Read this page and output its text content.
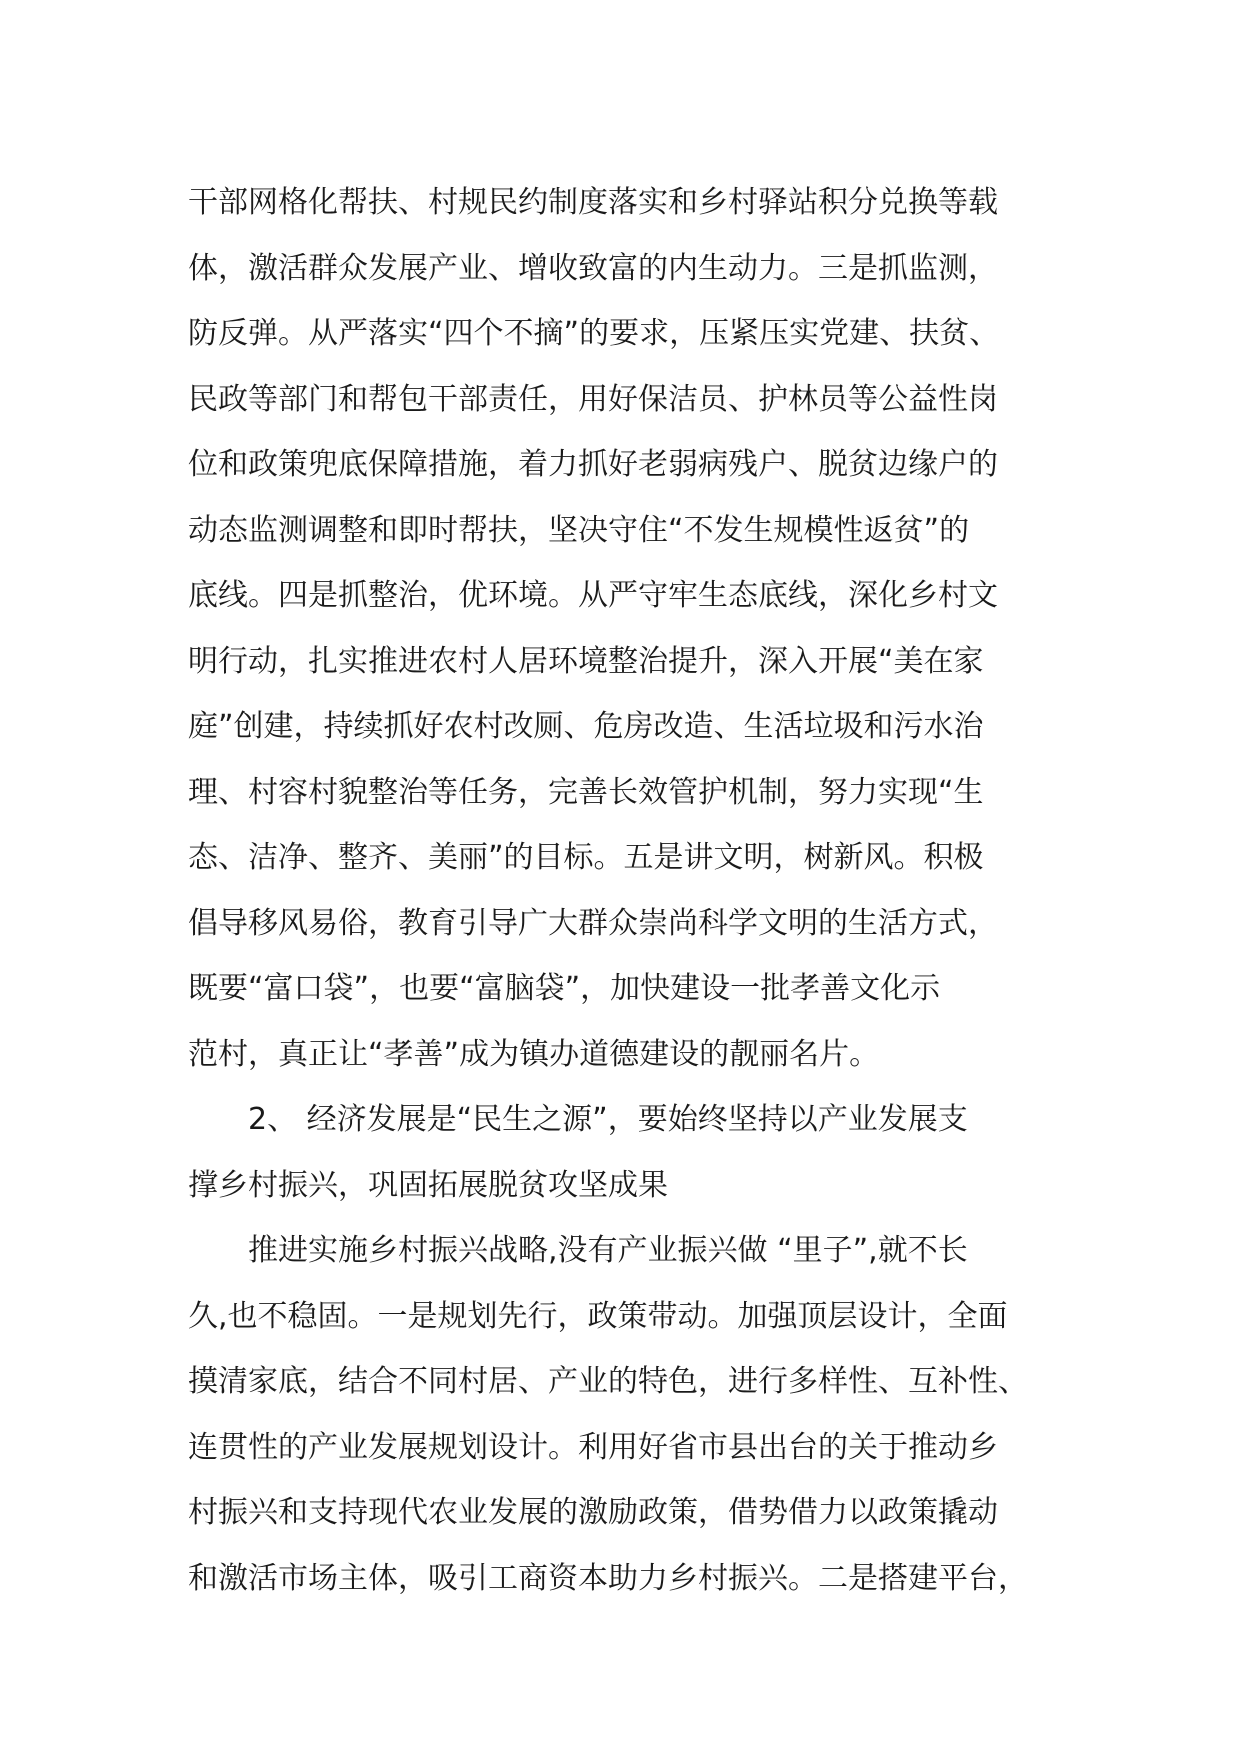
干部网格化帮扶、村规民约制度落实和乡村驿站积分兑换等载
体，激活群众发展产业、增收致富的内生动力。三是抓监测，
防反弹。从严落实“四个不摘”的要求，压紧压实党建、扶贫、
民政等部门和帮包干部责任，用好保洁员、护林员等公益性岗
位和政策兜底保障措施，着力抓好老弱病残户、脱贫边缘户的
动态监测调整和即时帮扶，坚决守住“不发生规模性返贫”的
底线。四是抓整治，优环境。从严守牢生态底线，深化乡村文
明行动，扎实推进农村人居环境整治提升，深入开展“美在家
庭”创建，持续抓好农村改厕、危房改造、生活垃圾和污水治
理、村容村貌整治等任务，完善长效管护机制，努力实现“生
态、洁净、整齐、美丽”的目标。五是讲文明，树新风。积极
倡导移风易俗，教育引导广大群众崇尚科学文明的生活方式，
既要“富口袋”，也要“富脑袋”，加快建设一批孝善文化示
范村，真正让“孝善”成为镇办道德建设的靓丽名片。
2、 经济发展是“民生之源”，要始终坚持以产业发展支
撑乡村振兴，巩固拓展脱贫攻坚成果
推进实施乡村振兴战略,没有产业振兴做 “里子”,就不长
久,也不稳固。一是规划先行，政策带动。加强顶层设计，全面
摸清家底，结合不同村居、产业的特色，进行多样性、互补性、
连贯性的产业发展规划设计。利用好省市县出台的关于推动乡
村振兴和支持现代农业发展的激励政策，借势借力以政策撬动
和激活市场主体，吸引工商资本助力乡村振兴。二是搭建平台，
